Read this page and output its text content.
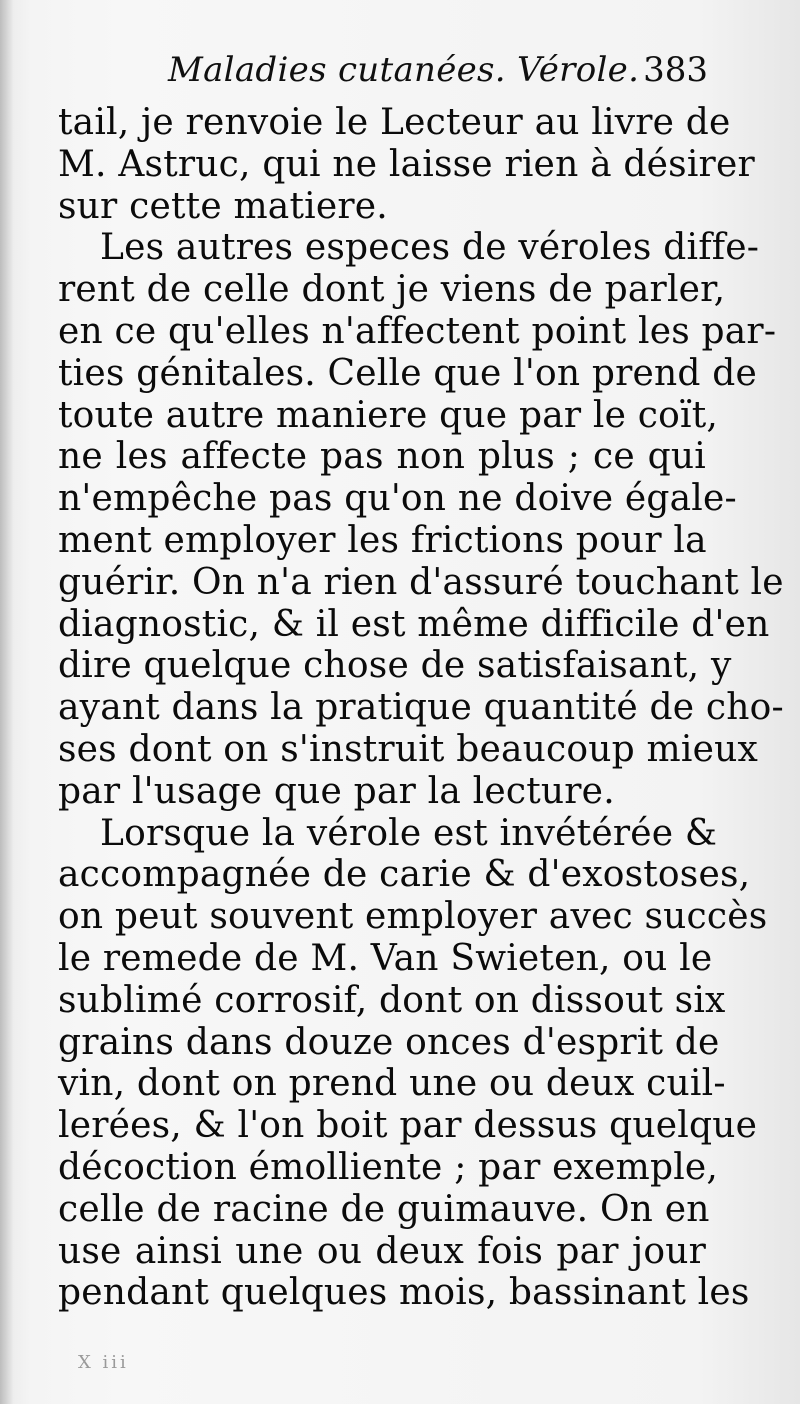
Maladies cutanées. Vérole. 383
tail, je renvoie le Lecteur au livre de
M. Astruc, qui ne laisse rien à désirer
sur cette matiere.
Les autres especes de véroles diffe-
rent de celle dont je viens de parler,
en ce qu'elles n'affectent point les par-
ties génitales. Celle que l'on prend de
toute autre maniere que par le coït,
ne les affecte pas non plus ; ce qui
n'empêche pas qu'on ne doive égale-
ment employer les frictions pour la
guérir. On n'a rien d'assuré touchant le
diagnostic, & il est même difficile d'en
dire quelque chose de satisfaisant, y
ayant dans la pratique quantité de cho-
ses dont on s'instruit beaucoup mieux
par l'usage que par la lecture.
Lorsque la vérole est invétérée &
accompagnée de carie & d'exostoses,
on peut souvent employer avec succès
le remede de M. Van Swieten, ou le
sublimé corrosif, dont on dissout six
grains dans douze onces d'esprit de
vin, dont on prend une ou deux cuil-
lerées, & l'on boit par dessus quelque
décoction émolliente ; par exemple,
celle de racine de guimauve. On en
use ainsi une ou deux fois par jour
pendant quelques mois, bassinant les
X iii
